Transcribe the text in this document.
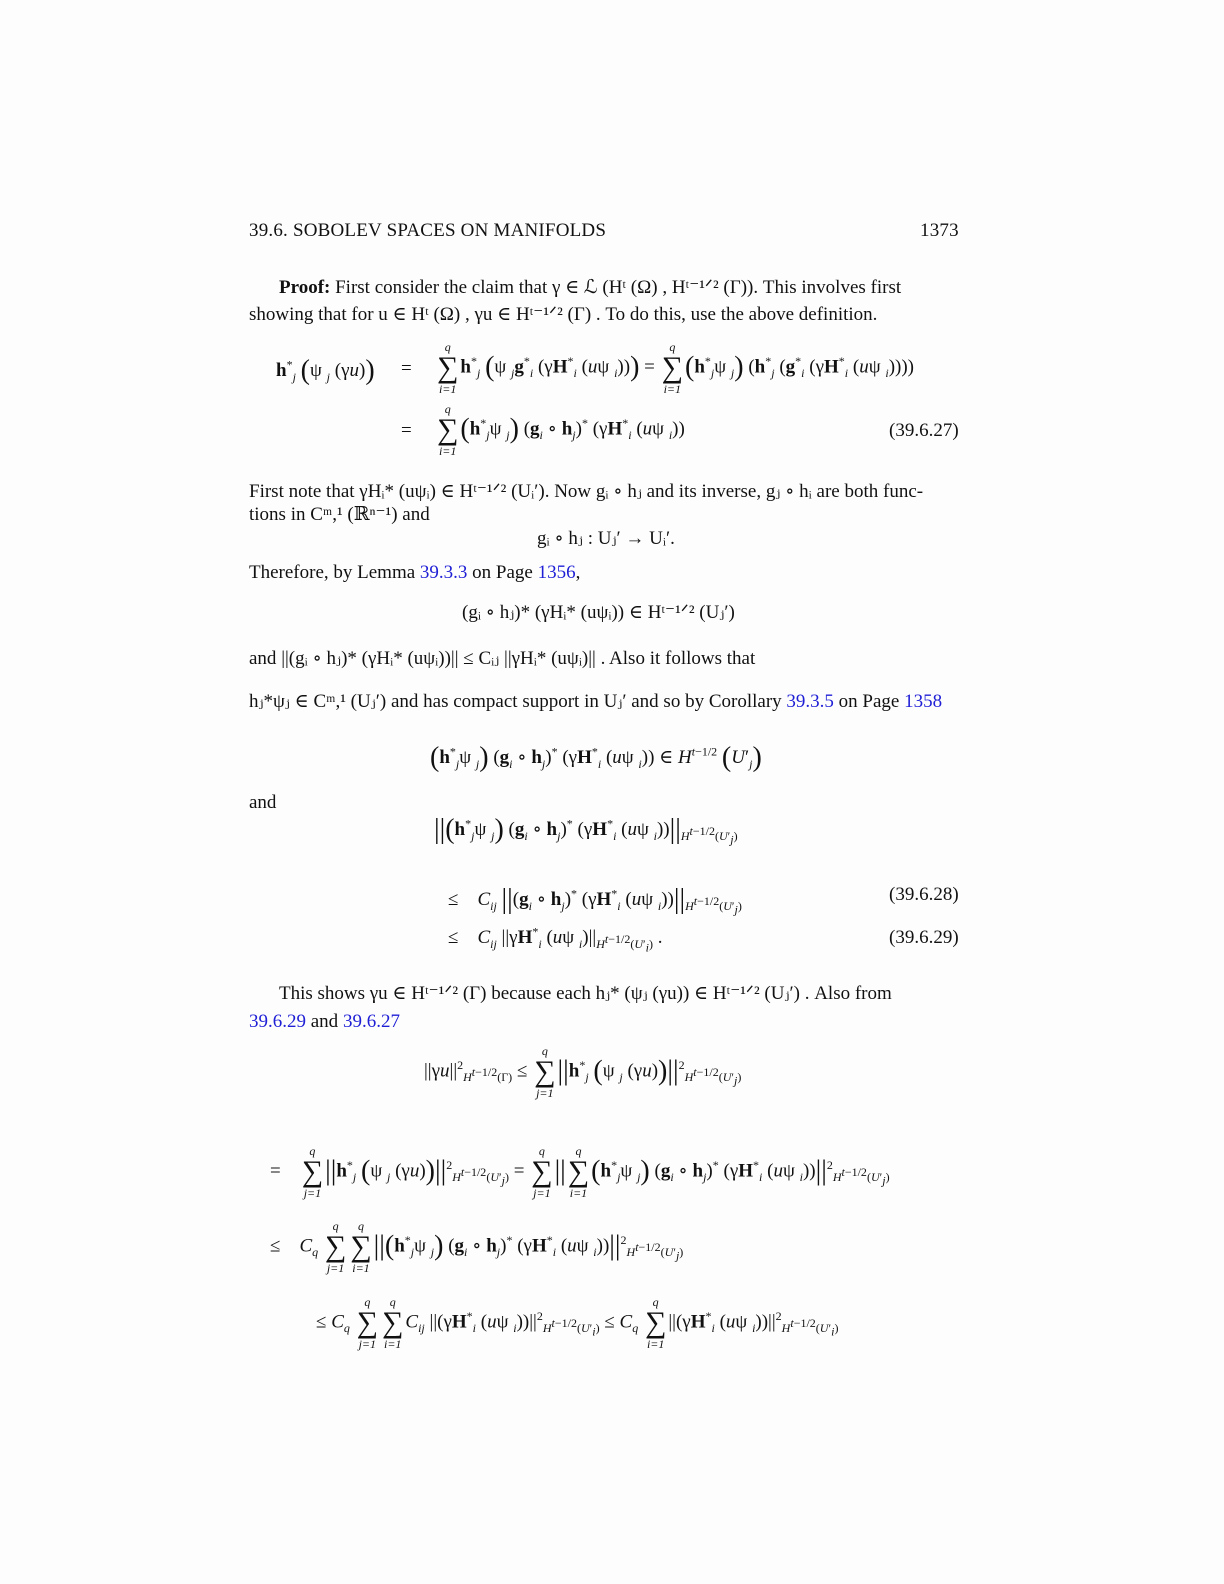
39.6. SOBOLEV SPACES ON MANIFOLDS	1373
Proof: First consider the claim that γ ∈ ℒ (Hᵗ (Ω) , Hᵗ⁻¹ᐟ² (Γ)). This involves first
showing that for u ∈ Hᵗ (Ω) , γu ∈ Hᵗ⁻¹ᐟ² (Γ) . To do this, use the above definition.
$h^*_j$ (ψ $_j$ (γu)) =
q
∑
i=1
$h^*_j$ (ψ $_jg^*_i$ ($\gamma H^*_i$ (uψ $_i$))) =
q
∑
i=1
($h^*_j\psi$ $_j$) ($h^*_j$ ($g^*_i$ ($\gamma H^*_i$ (uψ $_i$))))
=
q
∑
i=1
($h^*_j\psi$ $_j$) ($g_i$ ∘ $h_j)^*$ ($\gamma H^*_i$ (uψ $_i$))	(39.6.27)
First note that γHᵢ* (uψᵢ) ∈ Hᵗ⁻¹ᐟ² (Uᵢ′). Now gᵢ ∘ hⱼ and its inverse, gⱼ ∘ hᵢ are both func-
tions in Cᵐ,¹ (ℝⁿ⁻¹) and
gᵢ ∘ hⱼ : Uⱼ′ → Uᵢ′.
Therefore, by Lemma 39.3.3 on Page 1356,
(gᵢ ∘ hⱼ)* (γHᵢ* (uψᵢ)) ∈ Hᵗ⁻¹ᐟ² (Uⱼ′)
and ||(gᵢ ∘ hⱼ)* (γHᵢ* (uψᵢ))|| ≤ Cᵢⱼ ||γHᵢ* (uψᵢ)|| . Also it follows that
hⱼ*ψⱼ ∈ Cᵐ,¹ (Uⱼ′) and has compact support in Uⱼ′ and so by Corollary 39.3.5 on Page 1358
($h^*_j\psi$ $_j$) ($g_i$ ∘ $h_j)^*$ ($\gamma H^*_i$ (uψ $_i$)) ∈ $H^{t-1/2}$ $(U'_j)$
and
$||(h^*_j\psi$ $_j$) ($g_i$ ∘ $h_j)^*$ ($\gamma H^*_i$ (uψ $_i))||_{H^{t-1/2}(U'_j)}$
≤    $C_{ij}$ $||(g_i$ ∘ $h_j)^*$ ($\gamma H^*_i$ (uψ $_i))||_{H^{t-1/2}(U'_j)}$
(39.6.28)
≤    $C_{ij}$ $||\gamma H^*_i$ (uψ $_i)||_{H^{t-1/2}(U'_i)}$ .	(39.6.29)
This shows γu ∈ Hᵗ⁻¹ᐟ² (Γ) because each hⱼ* (ψⱼ (γu)) ∈ Hᵗ⁻¹ᐟ² (Uⱼ′) . Also from
39.6.29 and 39.6.27
$||\gamma u||^2_{H^{t-1/2}(\Gamma)}$ ≤
q
∑
j=1
$||h^*_j$ (ψ $_j$ $(\gamma u))||^2_{H^{t-1/2}(U'_j)}$
=
q
∑
j=1
$||h^*_j$ (ψ $_j$ $(\gamma u))||^2_{H^{t-1/2}(U'_j)}$ =
q
∑
j=1
||
q
∑
i=1
($h^*_j\psi$ $_j$) ($g_i$ ∘ $h_j)^*$ ($\gamma H^*_i$ (uψ $_i))||^2_{H^{t-1/2}(U'_j)}$
≤    $C_q$
q
∑
j=1
q
∑
i=1
$||(h^*_j\psi$ $_j$) ($g_i$ ∘ $h_j)^*$ ($\gamma H^*_i$ (uψ $_i))||^2_{H^{t-1/2}(U'_j)}$
≤ $C_q$
q
∑
j=1
q
∑
i=1
$C_{ij}$ $||(\gamma H^*_i$ (uψ $_i))||^2_{H^{t-1/2}(U'_i)} \le C_q$
q
∑
i=1
$||(\gamma H^*_i$ (uψ $_i))||^2_{H^{t-1/2}(U'_i)}$
